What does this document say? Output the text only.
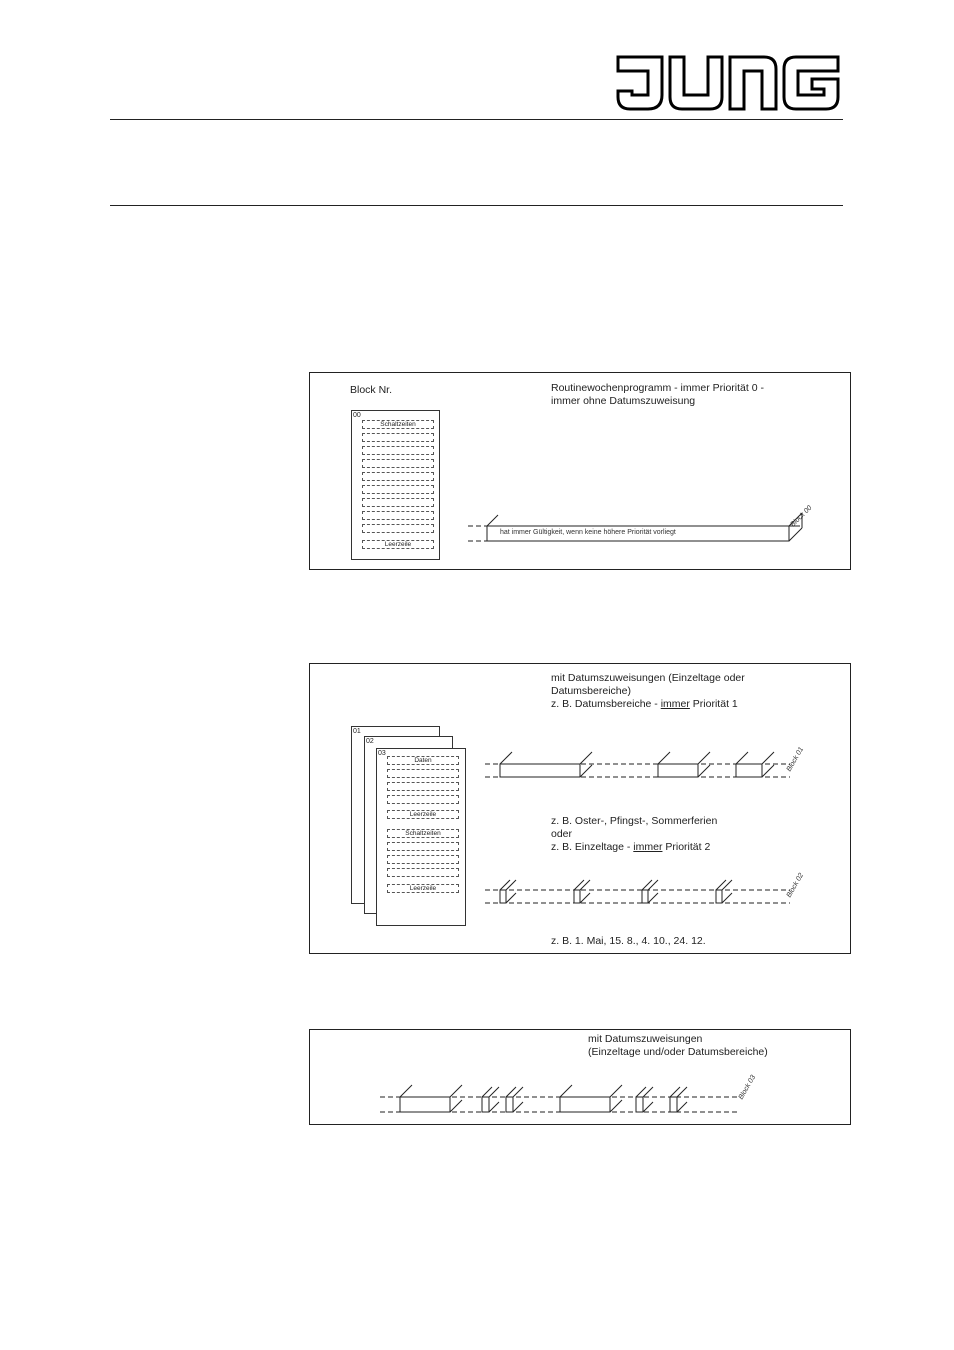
Block Nr.	Routinewochenprogramm - immer Priorität 0 -
immer ohne Datumszuweisung
00
Schaltzeiten
Leerzeile
hat immer Gültigkeit, wenn keine höhere Priorität vorliegt
Block 00
mit Datumszuweisungen (Einzeltage oder
Datumsbereiche)
z. B. Datumsbereiche - immer Priorität 1
z. B. Oster-, Pfingst-, Sommerferien
oder
z. B. Einzeltage - immer Priorität 2
z. B. 1. Mai, 15. 8., 4. 10., 24. 12.
01
02
03
Daten
Leerzeile
Schaltzeiten
Leerzeile
Block 01
Block 02
mit Datumszuweisungen
(Einzeltage und/oder Datumsbereiche)
Block 03
